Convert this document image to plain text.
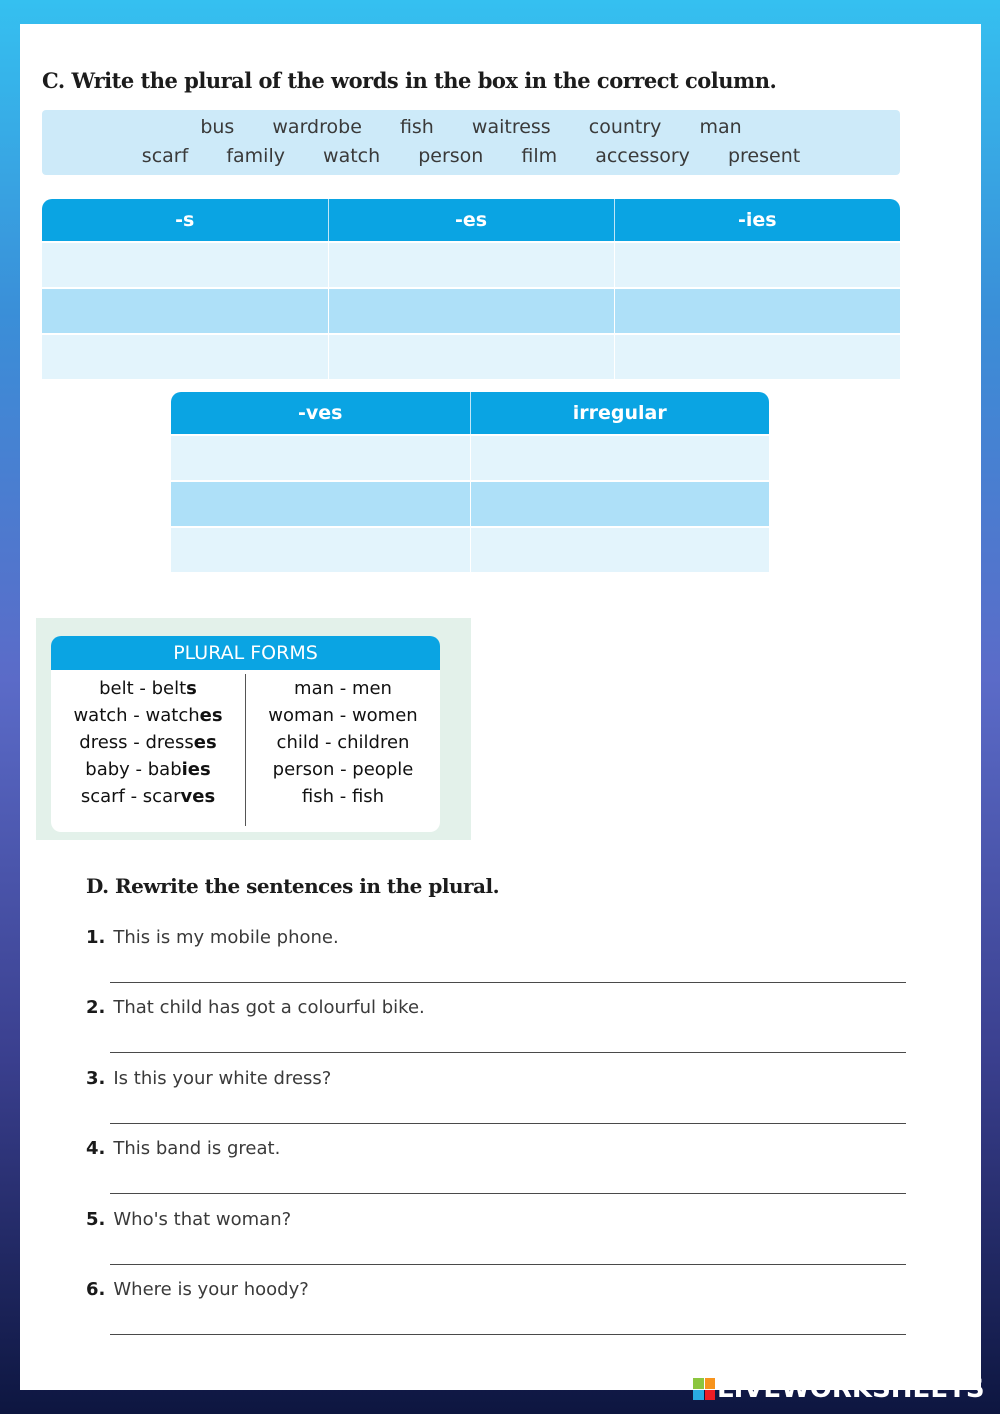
C. Write the plural of the words in the box in the correct column.
bus wardrobe fish waitress country man
scarf family watch person film accessory present
-s	-es	-ies

-ves	irregular

PLURAL FORMS
belt - belts
watch - watches
dress - dresses
baby - babies
scarf - scarves
man - men
woman - women
child - children
person - people
fish - fish
D. Rewrite the sentences in the plural.
1. This is my mobile phone.
2. That child has got a colourful bike.
3. Is this your white dress?
4. This band is great.
5. Who's that woman?
6. Where is your hoody?
LIVEWORKSHEETS
